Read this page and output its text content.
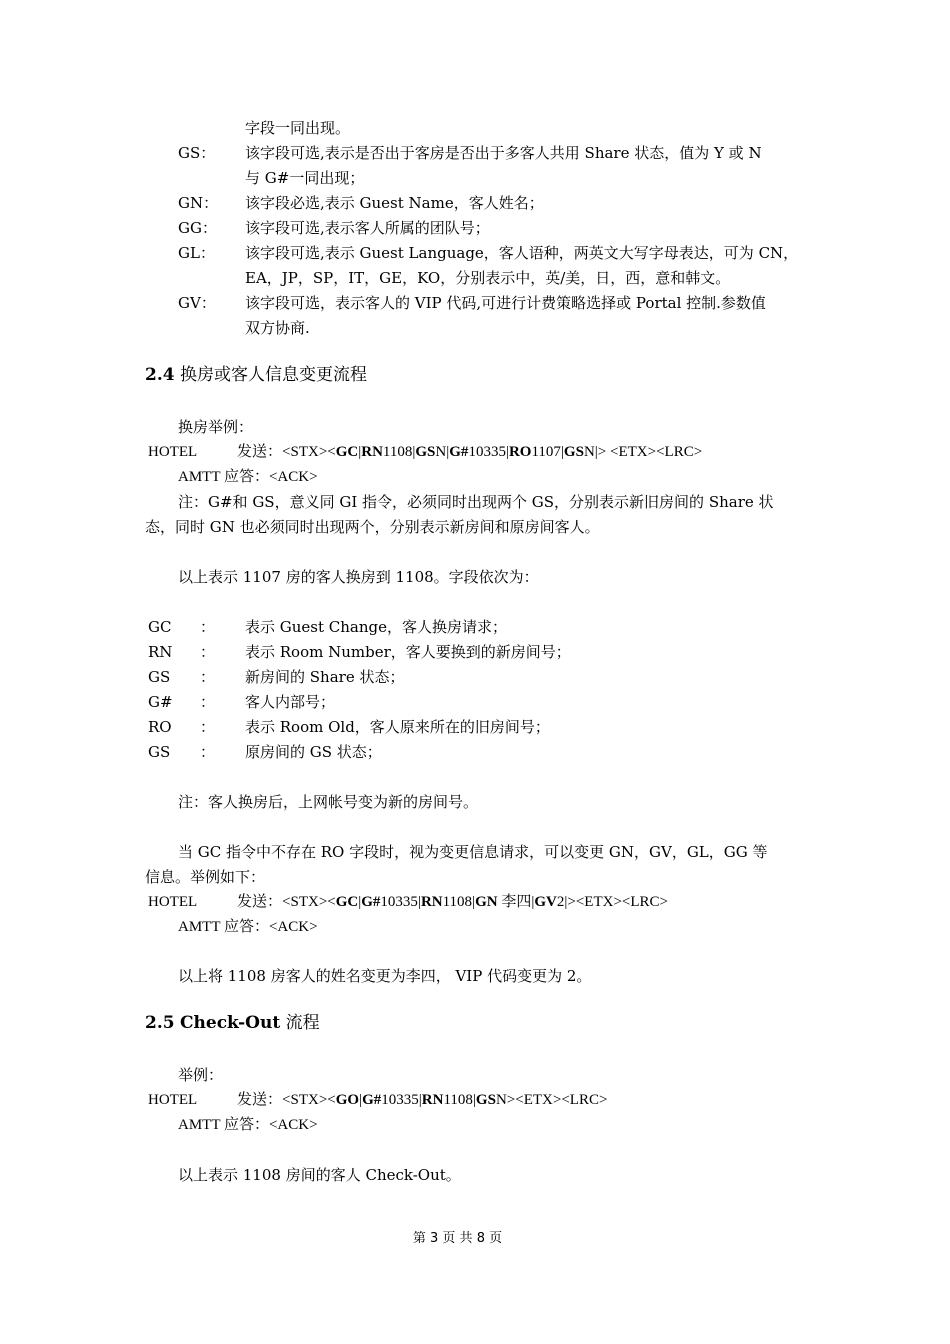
字段一同出现。
GS： 该字段可选,表示是否出于客房是否出于多客人共用 Share 状态，值为 Y 或 N
与 G#一同出现；
GN： 该字段必选,表示 Guest Name，客人姓名；
GG： 该字段可选,表示客人所属的团队号；
GL： 该字段可选,表示 Guest Language，客人语种，两英文大写字母表达，可为 CN，
EA，JP，SP，IT，GE，KO，分别表示中，英/美，日，西，意和韩文。
GV： 该字段可选，表示客人的 VIP 代码,可进行计费策略选择或 Portal 控制.参数值
双方协商.
2.4 换房或客人信息变更流程
换房举例：
HOTEL	发送：<STX><GC|RN1108|GSN|G#10335|RO1107|GSN|> <ETX><LRC>
AMTT 应答：<ACK>
注：G#和 GS，意义同 GI 指令，必须同时出现两个 GS，分别表示新旧房间的 Share 状
态，同时 GN 也必须同时出现两个，分别表示新房间和原房间客人。
以上表示 1107 房的客人换房到 1108。字段依次为：
GC ： 表示 Guest Change，客人换房请求；
RN ： 表示 Room Number，客人要换到的新房间号；
GS ： 新房间的 Share 状态；
G# ： 客人内部号；
RO ： 表示 Room Old，客人原来所在的旧房间号；
GS ： 原房间的 GS 状态；
注：客人换房后，上网帐号变为新的房间号。
当 GC 指令中不存在 RO 字段时，视为变更信息请求，可以变更 GN，GV，GL，GG 等
信息。举例如下：
HOTEL	发送：<STX><GC|G#10335|RN1108|GN 李四|GV2|><ETX><LRC>
AMTT 应答：<ACK>
以上将 1108 房客人的姓名变更为李四， VIP 代码变更为 2。
2.5 Check-Out 流程
举例：
HOTEL	发送：<STX><GO|G#10335|RN1108|GSN><ETX><LRC>
AMTT 应答：<ACK>
以上表示 1108 房间的客人 Check-Out。
第 3 页 共 8 页
